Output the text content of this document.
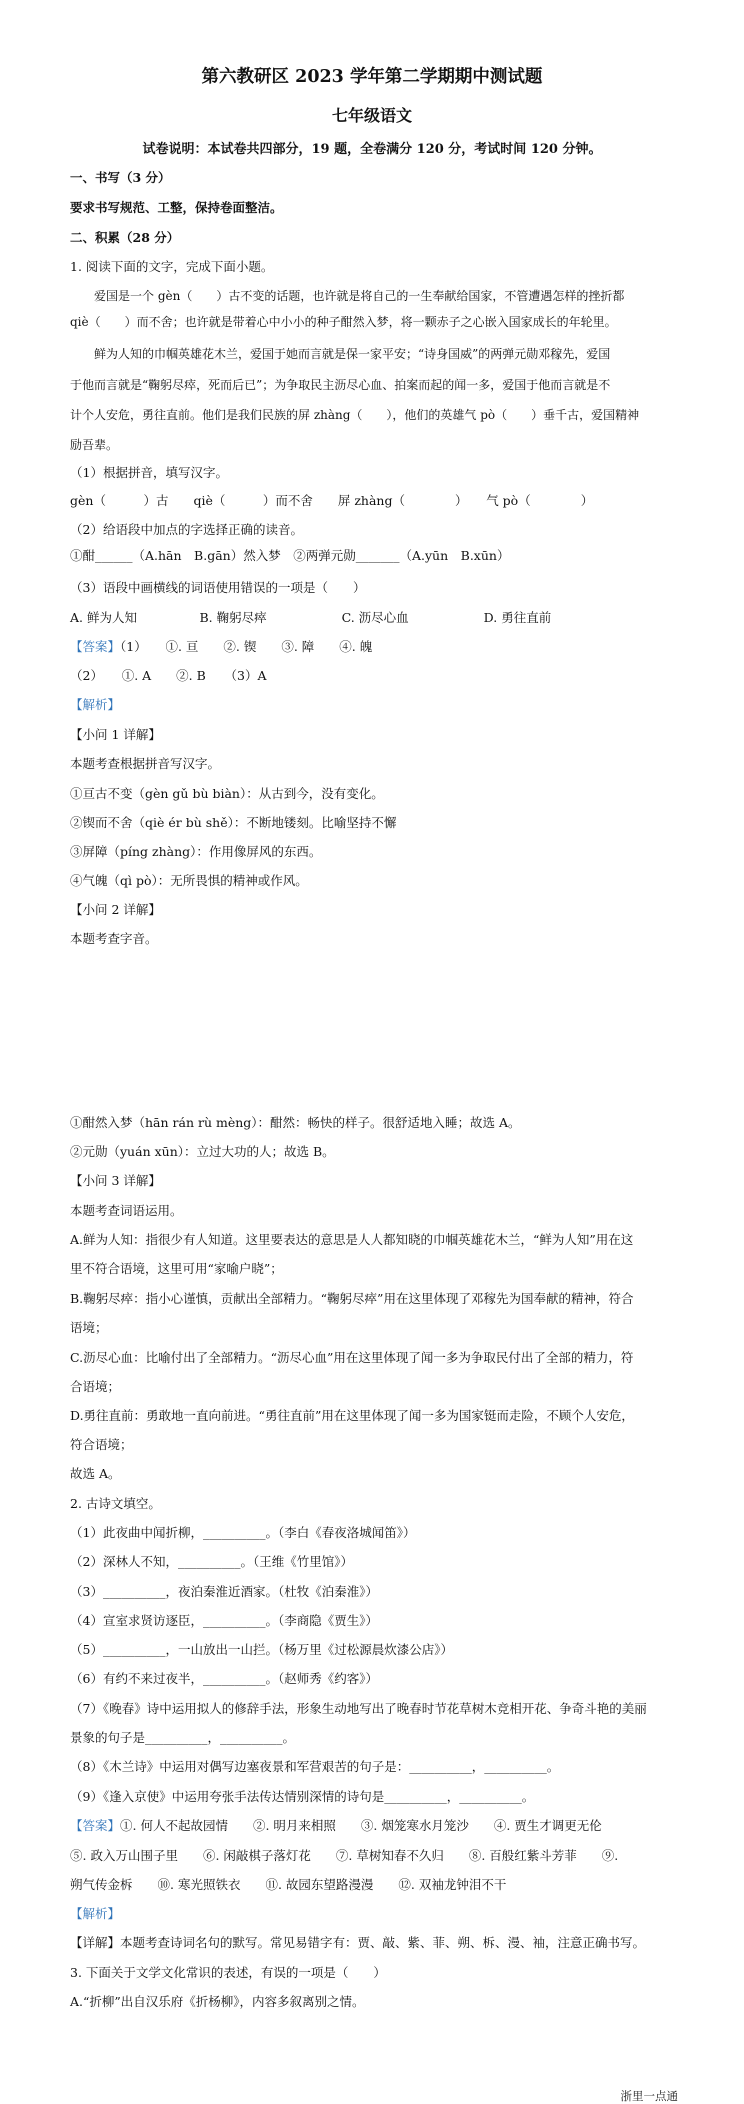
第六教研区 2023 学年第二学期期中测试题
七年级语文
试卷说明：本试卷共四部分，19 题，全卷满分 120 分，考试时间 120 分钟。
一、书写（3 分）
要求书写规范、工整，保持卷面整洁。
二、积累（28 分）
1. 阅读下面的文字，完成下面小题。
爱国是一个 gèn（　　）古不变的话题，也许就是将自己的一生奉献给国家，不管遭遇怎样的挫折都
qiè（　　）而不舍；也许就是带着心中小小的种子酣然入梦，将一颗赤子之心嵌入国家成长的年轮里。
鲜为人知的巾帼英雄花木兰，爱国于她而言就是保一家平安；“诗身国威”的两弹元勋邓稼先，爱国
于他而言就是“鞠躬尽瘁，死而后已”；为争取民主沥尽心血、拍案而起的闻一多，爱国于他而言就是不
计个人安危，勇往直前。他们是我们民族的屏 zhàng（　　），他们的英雄气 pò（　　）垂千古，爱国精神
励吾辈。
（1）根据拼音，填写汉字。
gèn（　　　）古　　qiè（　　　）而不舍　　屏 zhàng（　　　　）　　气 pò（　　　　）
（2）给语段中加点的字选择正确的读音。
①酣______（A.hān　B.gān）然入梦　②两弹元勋_______（A.yūn　B.xūn）
（3）语段中画横线的词语使用错误的一项是（　　）
A. 鲜为人知　　　　　B. 鞠躬尽瘁　　　　　　C. 沥尽心血　　　　　　D. 勇往直前
【答案】（1）　　①. 亘　　②. 锲　　③. 障　　④. 魄
（2）　　①. A　　②. B　　（3）A
【解析】
【小问 1 详解】
本题考查根据拼音写汉字。
①亘古不变（gèn gǔ bù biàn）：从古到今，没有变化。
②锲而不舍（qiè ér bù shě）：不断地镂刻。比喻坚持不懈
③屏障（píng zhàng）：作用像屏风的东西。
④气魄（qì pò）：无所畏惧的精神或作风。
【小问 2 详解】
本题考查字音。
①酣然入梦（hān rán rù mèng）：酣然：畅快的样子。很舒适地入睡；故选 A。
②元勋（yuán xūn）：立过大功的人；故选 B。
【小问 3 详解】
本题考查词语运用。
A.鲜为人知：指很少有人知道。这里要表达的意思是人人都知晓的巾帼英雄花木兰，“鲜为人知”用在这
里不符合语境，这里可用“家喻户晓”；
B.鞠躬尽瘁：指小心谨慎，贡献出全部精力。“鞠躬尽瘁”用在这里体现了邓稼先为国奉献的精神，符合
语境；
C.沥尽心血：比喻付出了全部精力。“沥尽心血”用在这里体现了闻一多为争取民付出了全部的精力，符
合语境；
D.勇往直前：勇敢地一直向前进。“勇往直前”用在这里体现了闻一多为国家铤而走险，不顾个人安危，
符合语境；
故选 A。
2. 古诗文填空。
（1）此夜曲中闻折柳，__________。（李白《春夜洛城闻笛》）
（2）深林人不知，__________。（王维《竹里馆》）
（3）__________，夜泊秦淮近酒家。（杜牧《泊秦淮》）
（4）宣室求贤访逐臣，__________。（李商隐《贾生》）
（5）__________，一山放出一山拦。（杨万里《过松源晨炊漆公店》）
（6）有约不来过夜半，__________。（赵师秀《约客》）
（7）《晚春》诗中运用拟人的修辞手法，形象生动地写出了晚春时节花草树木竞相开花、争奇斗艳的美丽
景象的句子是__________，__________。
（8）《木兰诗》中运用对偶写边塞夜景和军营艰苦的句子是：__________，__________。
（9）《逢入京使》中运用夸张手法传达情别深情的诗句是__________，__________。
【答案】①. 何人不起故园情　　②. 明月来相照　　③. 烟笼寒水月笼沙　　④. 贾生才调更无伦
⑤. 政入万山围子里　　⑥. 闲敲棋子落灯花　　⑦. 草树知春不久归　　⑧. 百般红紫斗芳菲　　⑨.
朔气传金柝　　⑩. 寒光照铁衣　　⑪. 故园东望路漫漫　　⑫. 双袖龙钟泪不干
【解析】
【详解】本题考查诗词名句的默写。常见易错字有：贾、敲、紫、菲、朔、柝、漫、袖，注意正确书写。
3. 下面关于文学文化常识的表述，有误的一项是（　　）
A.“折柳”出自汉乐府《折杨柳》，内容多叙离别之情。
浙里一点通
